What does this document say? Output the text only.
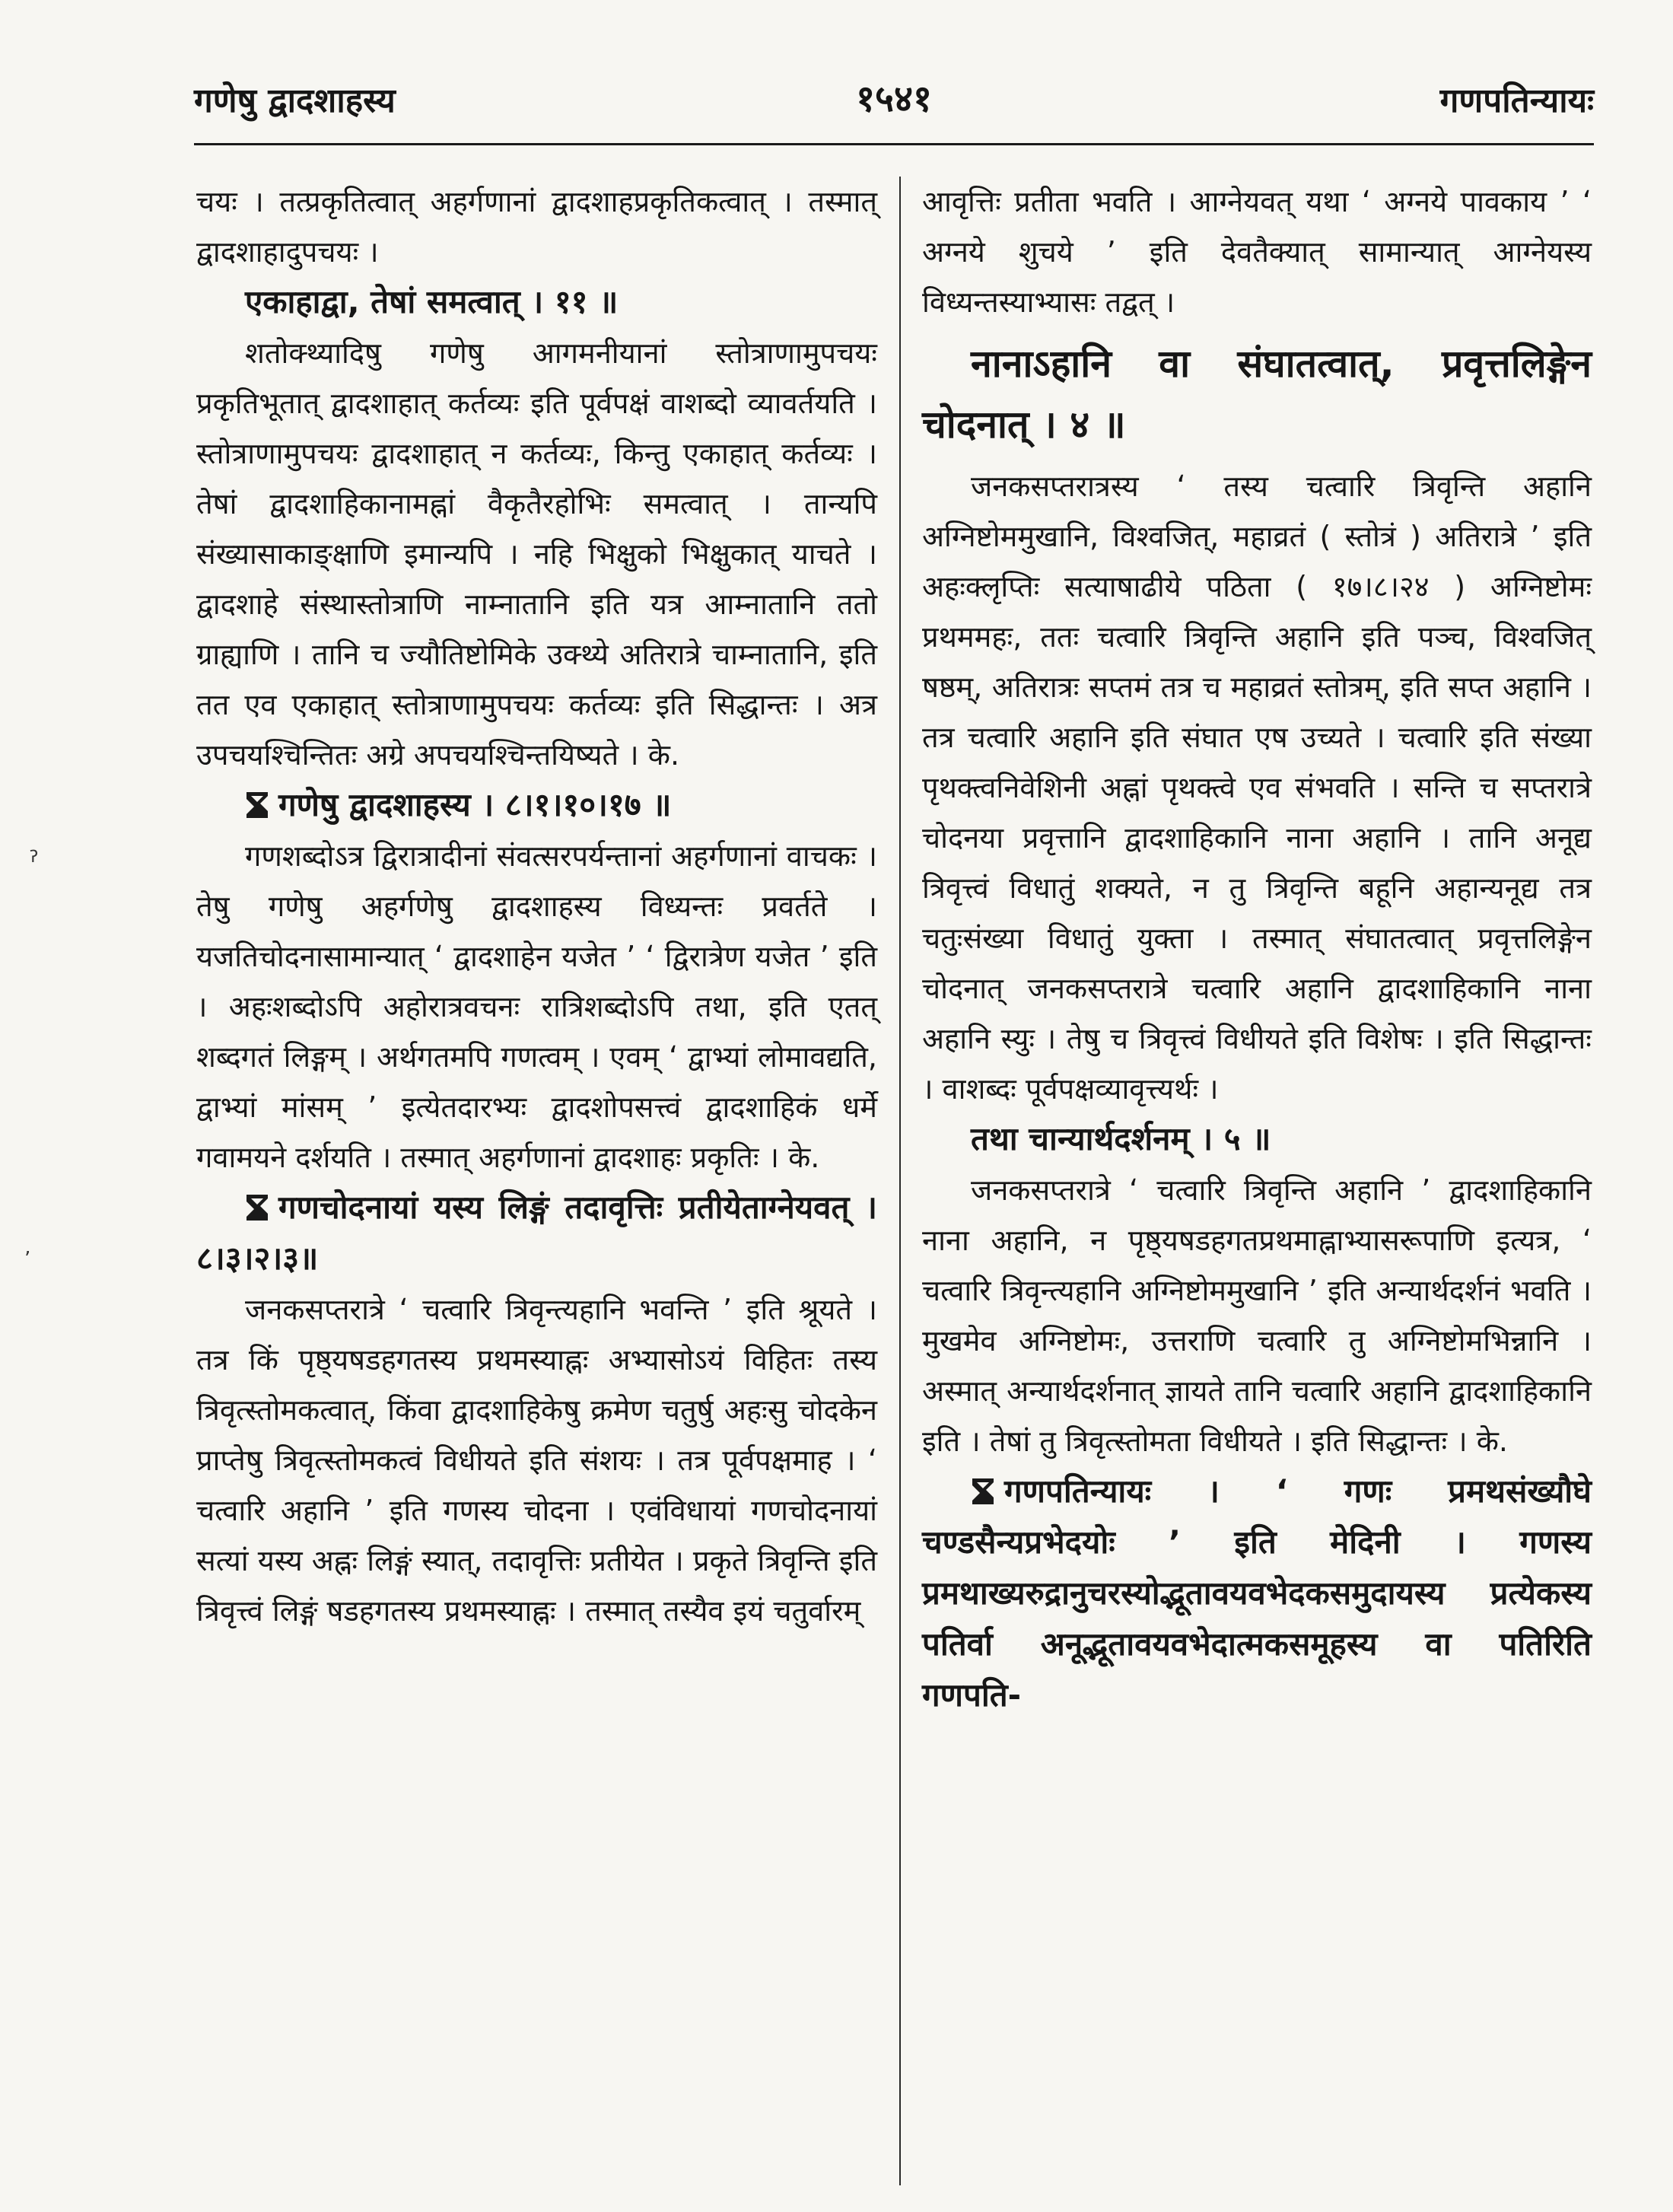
गणेषु द्वादशाहस्य	१५४१	गणपतिन्यायः

चयः । तत्प्रकृतित्वात् अहर्गणानां द्वादशाहप्रकृतिकत्वात् । तस्मात् द्वादशाहादुपचयः ।

एकाहाद्वा, तेषां समत्वात् । ११ ॥

शतोक्थ्यादिषु गणेषु आगमनीयानां स्तोत्राणामुपचयः प्रकृतिभूतात् द्वादशाहात् कर्तव्यः इति पूर्वपक्षं वाशब्दो व्यावर्तयति । स्तोत्राणामुपचयः द्वादशाहात् न कर्तव्यः, किन्तु एकाहात् कर्तव्यः । तेषां द्वादशाहिकानामह्नां वैकृतैरहोभिः समत्वात् । तान्यपि संख्यासाकाङ्क्षाणि इमान्यपि । नहि भिक्षुको भिक्षुकात् याचते । द्वादशाहे संस्थास्तोत्राणि नाम्नातानि इति यत्र आम्नातानि ततो ग्राह्याणि । तानि च ज्यौतिष्टोमिके उक्थ्ये अतिरात्रे चाम्नातानि, इति तत एव एकाहात् स्तोत्राणामुपचयः कर्तव्यः इति सिद्धान्तः । अत्र उपचयश्चिन्तितः अग्रे अपचयश्चिन्तयिष्यते । के.

गणेषु द्वादशाहस्य । ८।१।१०।१७ ॥

गणशब्दोऽत्र द्विरात्रादीनां संवत्सरपर्यन्तानां अहर्गणानां वाचकः । तेषु गणेषु अहर्गणेषु द्वादशाहस्य विध्यन्तः प्रवर्तते । यजतिचोदनासामान्यात् ‘ द्वादशाहेन यजेत ’ ‘ द्विरात्रेण यजेत ’ इति । अहःशब्दोऽपि अहोरात्रवचनः रात्रिशब्दोऽपि तथा, इति एतत् शब्दगतं लिङ्गम् । अर्थगतमपि गणत्वम् । एवम् ‘ द्वाभ्यां लोमावद्यति, द्वाभ्यां मांसम् ’ इत्येतदारभ्यः द्वादशोपसत्त्वं द्वादशाहिकं धर्मे गवामयने दर्शयति । तस्मात् अहर्गणानां द्वादशाहः प्रकृतिः । के.

गणचोदनायां यस्य लिङ्गं तदावृत्तिः प्रतीयेताग्नेयवत् । ८।३।२।३॥

जनकसप्तरात्रे ‘ चत्वारि त्रिवृन्त्यहानि भवन्ति ’ इति श्रूयते । तत्र किं पृष्ठ्यषडहगतस्य प्रथमस्याह्नः अभ्यासोऽयं विहितः तस्य त्रिवृत्स्तोमकत्वात्, किंवा द्वादशाहिकेषु क्रमेण चतुर्षु अहःसु चोदकेन प्राप्तेषु त्रिवृत्स्तोमकत्वं विधीयते इति संशयः । तत्र पूर्वपक्षमाह । ‘ चत्वारि अहानि ’ इति गणस्य चोदना । एवंविधायां गणचोदनायां सत्यां यस्य अह्नः लिङ्गं स्यात्, तदावृत्तिः प्रतीयेत । प्रकृते त्रिवृन्ति इति त्रिवृत्त्वं लिङ्गं षडहगतस्य प्रथमस्याह्नः । तस्मात् तस्यैव इयं चतुर्वारम्

आवृत्तिः प्रतीता भवति । आग्नेयवत् यथा ‘ अग्नये पावकाय ’ ‘ अग्नये शुचये ’ इति देवतैक्यात् सामान्यात् आग्नेयस्य विध्यन्तस्याभ्यासः तद्वत् ।

नानाऽहानि वा संघातत्वात्, प्रवृत्तलिङ्गेन चोदनात् । ४ ॥

जनकसप्तरात्रस्य ‘ तस्य चत्वारि त्रिवृन्ति अहानि अग्निष्टोममुखानि, विश्वजित्, महाव्रतं ( स्तोत्रं ) अतिरात्रे ’ इति अहःक्लृप्तिः सत्याषाढीये पठिता ( १७।८।२४ ) अग्निष्टोमः प्रथममहः, ततः चत्वारि त्रिवृन्ति अहानि इति पञ्च, विश्वजित् षष्ठम्, अतिरात्रः सप्तमं तत्र च महाव्रतं स्तोत्रम्, इति सप्त अहानि । तत्र चत्वारि अहानि इति संघात एष उच्यते । चत्वारि इति संख्या पृथक्त्वनिवेशिनी अह्नां पृथक्त्वे एव संभवति । सन्ति च सप्तरात्रे चोदनया प्रवृत्तानि द्वादशाहिकानि नाना अहानि । तानि अनूद्य त्रिवृत्त्वं विधातुं शक्यते, न तु त्रिवृन्ति बहूनि अहान्यनूद्य तत्र चतुःसंख्या विधातुं युक्ता । तस्मात् संघातत्वात् प्रवृत्तलिङ्गेन चोदनात् जनकसप्तरात्रे चत्वारि अहानि द्वादशाहिकानि नाना अहानि स्युः । तेषु च त्रिवृत्त्वं विधीयते इति विशेषः । इति सिद्धान्तः । वाशब्दः पूर्वपक्षव्यावृत्त्यर्थः ।

तथा चान्यार्थदर्शनम् । ५ ॥

जनकसप्तरात्रे ‘ चत्वारि त्रिवृन्ति अहानि ’ द्वादशाहिकानि नाना अहानि, न पृष्ठ्यषडहगतप्रथमाह्नाभ्यासरूपाणि इत्यत्र, ‘ चत्वारि त्रिवृन्त्यहानि अग्निष्टोममुखानि ’ इति अन्यार्थदर्शनं भवति । मुखमेव अग्निष्टोमः, उत्तराणि चत्वारि तु अग्निष्टोमभिन्नानि । अस्मात् अन्यार्थदर्शनात् ज्ञायते तानि चत्वारि अहानि द्वादशाहिकानि इति । तेषां तु त्रिवृत्स्तोमता विधीयते । इति सिद्धान्तः । के.

गणपतिन्यायः । ‘ गणः प्रमथसंख्यौघे चण्डसैन्यप्रभेदयोः ’ इति मेदिनी । गणस्य प्रमथाख्यरुद्रानुचरस्योद्भूतावयवभेदकसमुदायस्य प्रत्येकस्य पतिर्वा अनूद्भूतावयवभेदात्मकसमूहस्य वा पतिरिति गणपति-

ॽ
ʼ
